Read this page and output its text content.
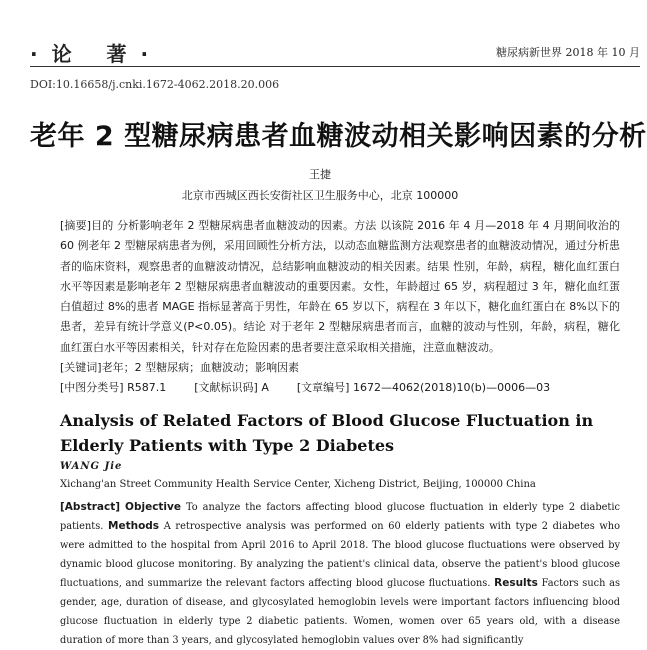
·论 著·	糖尿病新世界 2018 年 10 月
DOI:10.16658/j.cnki.1672-4062.2018.20.006
老年 2 型糖尿病患者血糖波动相关影响因素的分析
王捷
北京市西城区西长安街社区卫生服务中心，北京 100000

[摘要]目的 分析影响老年 2 型糖尿病患者血糖波动的因素。方法 以该院 2016 年 4 月—2018 年 4 月期间收治的 60 例老年 2 型糖尿病患者为例，采用回顾性分析方法，以动态血糖监测方法观察患者的血糖波动情况，通过分析患者的临床资料，观察患者的血糖波动情况，总结影响血糖波动的相关因素。结果 性别，年龄，病程，糖化血红蛋白水平等因素是影响老年 2 型糖尿病患者血糖波动的重要因素。女性，年龄超过 65 岁，病程超过 3 年，糖化血红蛋白值超过 8%的患者 MAGE 指标显著高于男性，年龄在 65 岁以下，病程在 3 年以下，糖化血红蛋白在 8%以下的患者，差异有统计学意义(P<0.05)。结论 对于老年 2 型糖尿病患者而言，血糖的波动与性别，年龄，病程，糖化血红蛋白水平等因素相关，针对存在危险因素的患者要注意采取相关措施，注意血糖波动。

[关键词]老年；2 型糖尿病；血糖波动；影响因素

[中图分类号] R587.1	[文献标识码] A	[文章编号] 1672—4062(2018)10(b)—0006—03

Analysis of Related Factors of Blood Glucose Fluctuation in Elderly Patients with Type 2 Diabetes
WANG Jie
Xichang'an Street Community Health Service Center, Xicheng District, Beijing, 100000 China
[Abstract] Objective To analyze the factors affecting blood glucose fluctuation in elderly type 2 diabetic patients. Methods A retrospective analysis was performed on 60 elderly patients with type 2 diabetes who were admitted to the hospital from April 2016 to April 2018. The blood glucose fluctuations were observed by dynamic blood glucose monitoring. By analyzing the patient's clinical data, observe the patient's blood glucose fluctuations, and summarize the relevant factors affecting blood glucose fluctuations. Results Factors such as gender, age, duration of disease, and glycosylated hemoglobin levels were important factors influencing blood glucose fluctuation in elderly type 2 diabetic patients. Women, women over 65 years old, with a disease duration of more than 3 years, and glycosylated hemoglobin values over 8% had significantly
